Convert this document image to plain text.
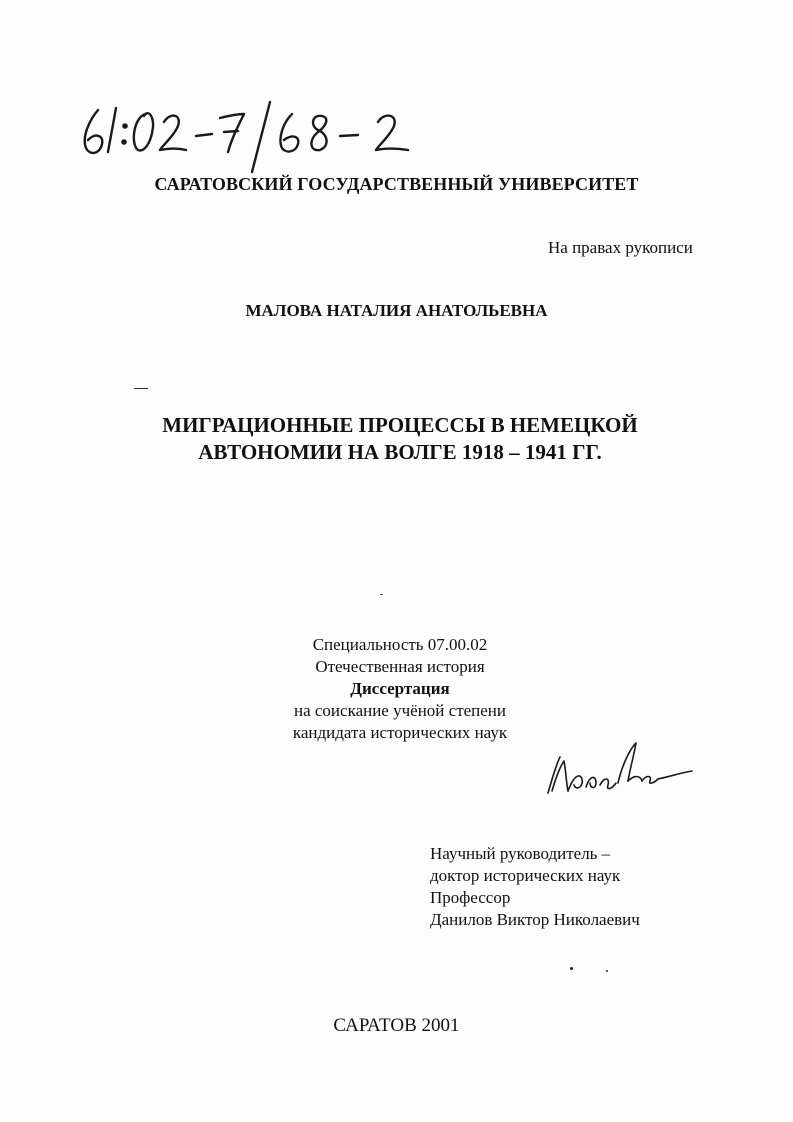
САРАТОВСКИЙ ГОСУДАРСТВЕННЫЙ УНИВЕРСИТЕТ
На правах рукописи
МАЛОВА НАТАЛИЯ АНАТОЛЬЕВНА
МИГРАЦИОННЫЕ ПРОЦЕССЫ В НЕМЕЦКОЙ
АВТОНОМИИ НА ВОЛГЕ 1918 – 1941 ГГ.
Специальность 07.00.02
Отечественная история
Диссертация
на соискание учёной степени
кандидата исторических наук
Научный руководитель –
доктор исторических наук
Профессор
Данилов Виктор Николаевич
САРАТОВ 2001
